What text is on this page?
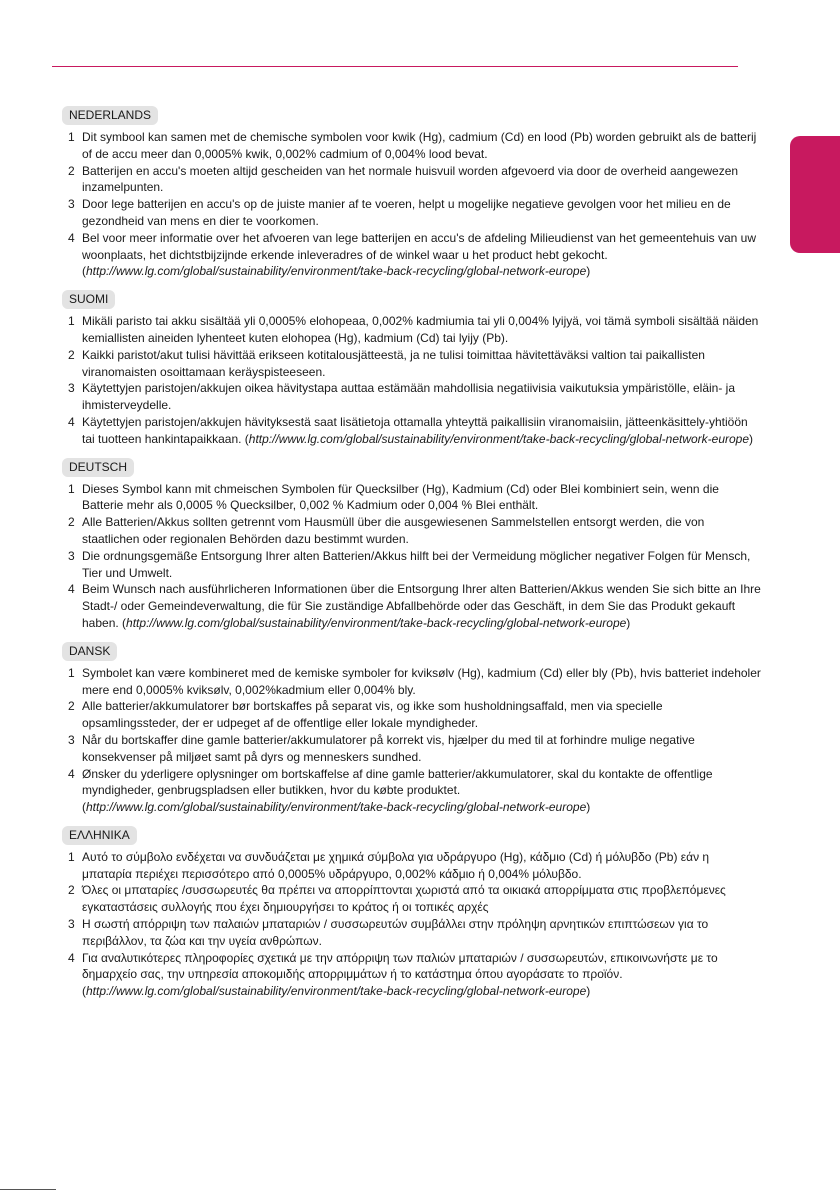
NEDERLANDS
1 Dit symbool kan samen met de chemische symbolen voor kwik (Hg), cadmium (Cd) en lood (Pb) worden gebruikt als de batterij of de accu meer dan 0,0005% kwik, 0,002% cadmium of 0,004% lood bevat.
2 Batterijen en accu's moeten altijd gescheiden van het normale huisvuil worden afgevoerd via door de overheid aangewezen inzamelpunten.
3 Door lege batterijen en accu's op de juiste manier af te voeren, helpt u mogelijke negatieve gevolgen voor het milieu en de gezondheid van mens en dier te voorkomen.
4 Bel voor meer informatie over het afvoeren van lege batterijen en accu's de afdeling Milieudienst van het gemeentehuis van uw woonplaats, het dichtstbijzijnde erkende inleveradres of de winkel waar u het product hebt gekocht. (http://www.lg.com/global/sustainability/environment/take-back-recycling/global-network-europe)
SUOMI
1 Mikäli paristo tai akku sisältää yli 0,0005% elohopeaa, 0,002% kadmiumia tai yli 0,004% lyijyä, voi tämä symboli sisältää näiden kemiallisten aineiden lyhenteet kuten elohopea (Hg), kadmium (Cd) tai lyijy (Pb).
2 Kaikki paristot/akut tulisi hävittää erikseen kotitalousjätteestä, ja ne tulisi toimittaa hävitettäväksi valtion tai paikallisten viranomaisten osoittamaan keräyspisteeseen.
3 Käytettyjen paristojen/akkujen oikea hävitystapa auttaa estämään mahdollisia negatiivisia vaikutuksia ympäristölle, eläin- ja ihmisterveydelle.
4 Käytettyjen paristojen/akkujen hävityksestä saat lisätietoja ottamalla yhteyttä paikallisiin viranomaisiin, jätteenkäsittely-yhtiöön tai tuotteen hankintapaikkaan. (http://www.lg.com/global/sustainability/environment/take-back-recycling/global-network-europe)
DEUTSCH
1 Dieses Symbol kann mit chmeischen Symbolen für Quecksilber (Hg), Kadmium (Cd) oder Blei kombiniert sein, wenn die Batterie mehr als 0,0005 % Quecksilber, 0,002 % Kadmium oder 0,004 % Blei enthält.
2 Alle Batterien/Akkus sollten getrennt vom Hausmüll über die ausgewiesenen Sammelstellen entsorgt werden, die von staatlichen oder regionalen Behörden dazu bestimmt wurden.
3 Die ordnungsgemäße Entsorgung Ihrer alten Batterien/Akkus hilft bei der Vermeidung möglicher negativer Folgen für Mensch, Tier und Umwelt.
4 Beim Wunsch nach ausführlicheren Informationen über die Entsorgung Ihrer alten Batterien/Akkus wenden Sie sich bitte an Ihre Stadt-/ oder Gemeindeverwaltung, die für Sie zuständige Abfallbehörde oder das Geschäft, in dem Sie das Produkt gekauft haben. (http://www.lg.com/global/sustainability/environment/take-back-recycling/global-network-europe)
DANSK
1 Symbolet kan være kombineret med de kemiske symboler for kviksølv (Hg), kadmium (Cd) eller bly (Pb), hvis batteriet indeholer mere end 0,0005% kviksølv, 0,002%kadmium eller 0,004% bly.
2 Alle batterier/akkumulatorer bør bortskaffes på separat vis, og ikke som husholdningsaffald, men via specielle opsamlingssteder, der er udpeget af de offentlige eller lokale myndigheder.
3 Når du bortskaffer dine gamle batterier/akkumulatorer på korrekt vis, hjælper du med til at forhindre mulige negative konsekvenser på miljøet samt på dyrs og menneskers sundhed.
4 Ønsker du yderligere oplysninger om bortskaffelse af dine gamle batterier/akkumulatorer, skal du kontakte de offentlige myndigheder, genbrugspladsen eller butikken, hvor du købte produktet. (http://www.lg.com/global/sustainability/environment/take-back-recycling/global-network-europe)
ΕΛΛΗΝΙΚΑ
1 Αυτό το σύμβολο ενδέχεται να συνδυάζεται με χημικά σύμβολα για υδράργυρο (Hg), κάδμιο (Cd) ή μόλυβδο (Pb) εάν η μπαταρία περιέχει περισσότερο από 0,0005% υδράργυρο, 0,002% κάδμιο ή 0,004% μόλυβδο.
2 Όλες οι μπαταρίες /συσσωρευτές θα πρέπει να απορρίπτονται χωριστά από τα οικιακά απορρίμματα στις προβλεπόμενες εγκαταστάσεις συλλογής που έχει δημιουργήσει το κράτος ή οι τοπικές αρχές
3 Η σωστή απόρριψη των παλαιών μπαταριών / συσσωρευτών συμβάλλει στην πρόληψη αρνητικών επιπτώσεων για το περιβάλλον, τα ζώα και την υγεία ανθρώπων.
4 Για αναλυτικότερες πληροφορίες σχετικά με την απόρριψη των παλιών μπαταριών / συσσωρευτών, επικοινωνήστε με το δημαρχείο σας, την υπηρεσία αποκομιδής απορριμμάτων ή το κατάστημα όπου αγοράσατε το προϊόν. (http://www.lg.com/global/sustainability/environment/take-back-recycling/global-network-europe)
